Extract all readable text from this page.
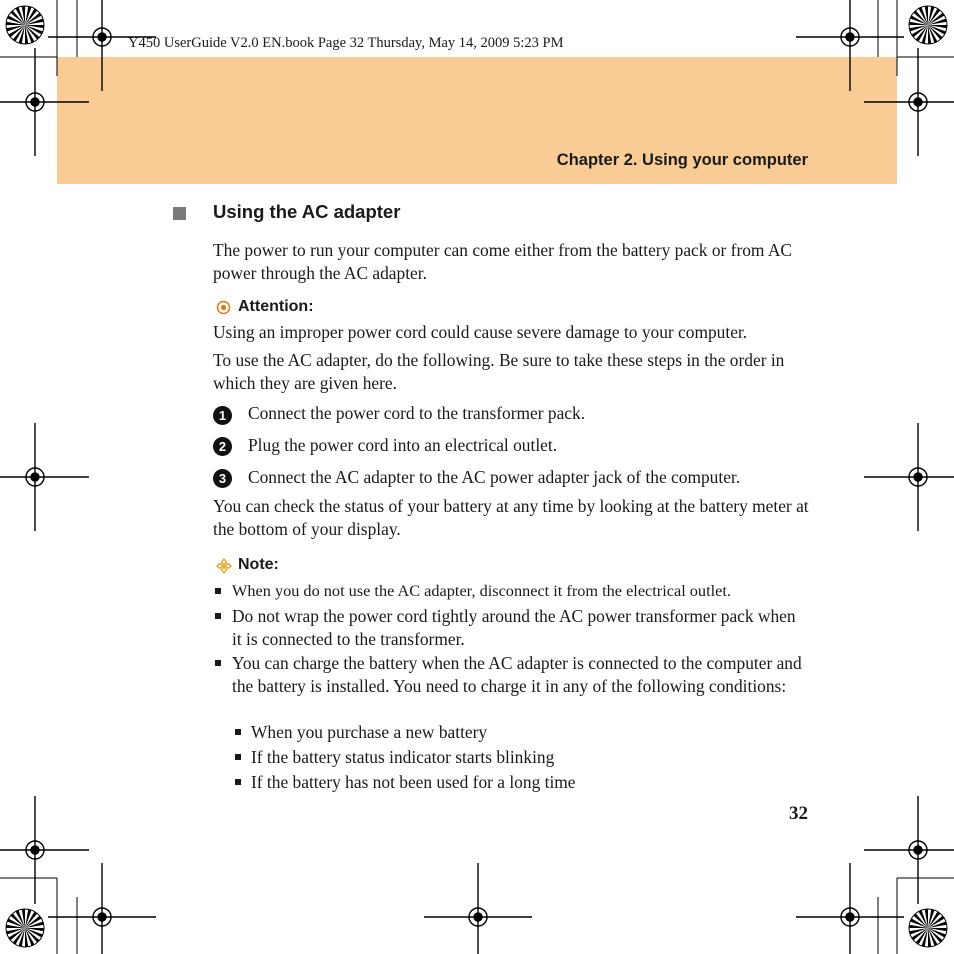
Y450 UserGuide V2.0 EN.book Page 32 Thursday, May 14, 2009 5:23 PM
Chapter 2. Using your computer
Using the AC adapter
The power to run your computer can come either from the battery pack or from AC power through the AC adapter.
Attention:
Using an improper power cord could cause severe damage to your computer.
To use the AC adapter, do the following. Be sure to take these steps in the order in which they are given here.
1	Connect the power cord to the transformer pack.
2	Plug the power cord into an electrical outlet.
3	Connect the AC adapter to the AC power adapter jack of the computer.
You can check the status of your battery at any time by looking at the battery meter at the bottom of your display.
Note:
When you do not use the AC adapter, disconnect it from the electrical outlet.
Do not wrap the power cord tightly around the AC power transformer pack when it is connected to the transformer.
You can charge the battery when the AC adapter is connected to the computer and the battery is installed. You need to charge it in any of the following conditions:
When you purchase a new battery
If the battery status indicator starts blinking
If the battery has not been used for a long time
32
